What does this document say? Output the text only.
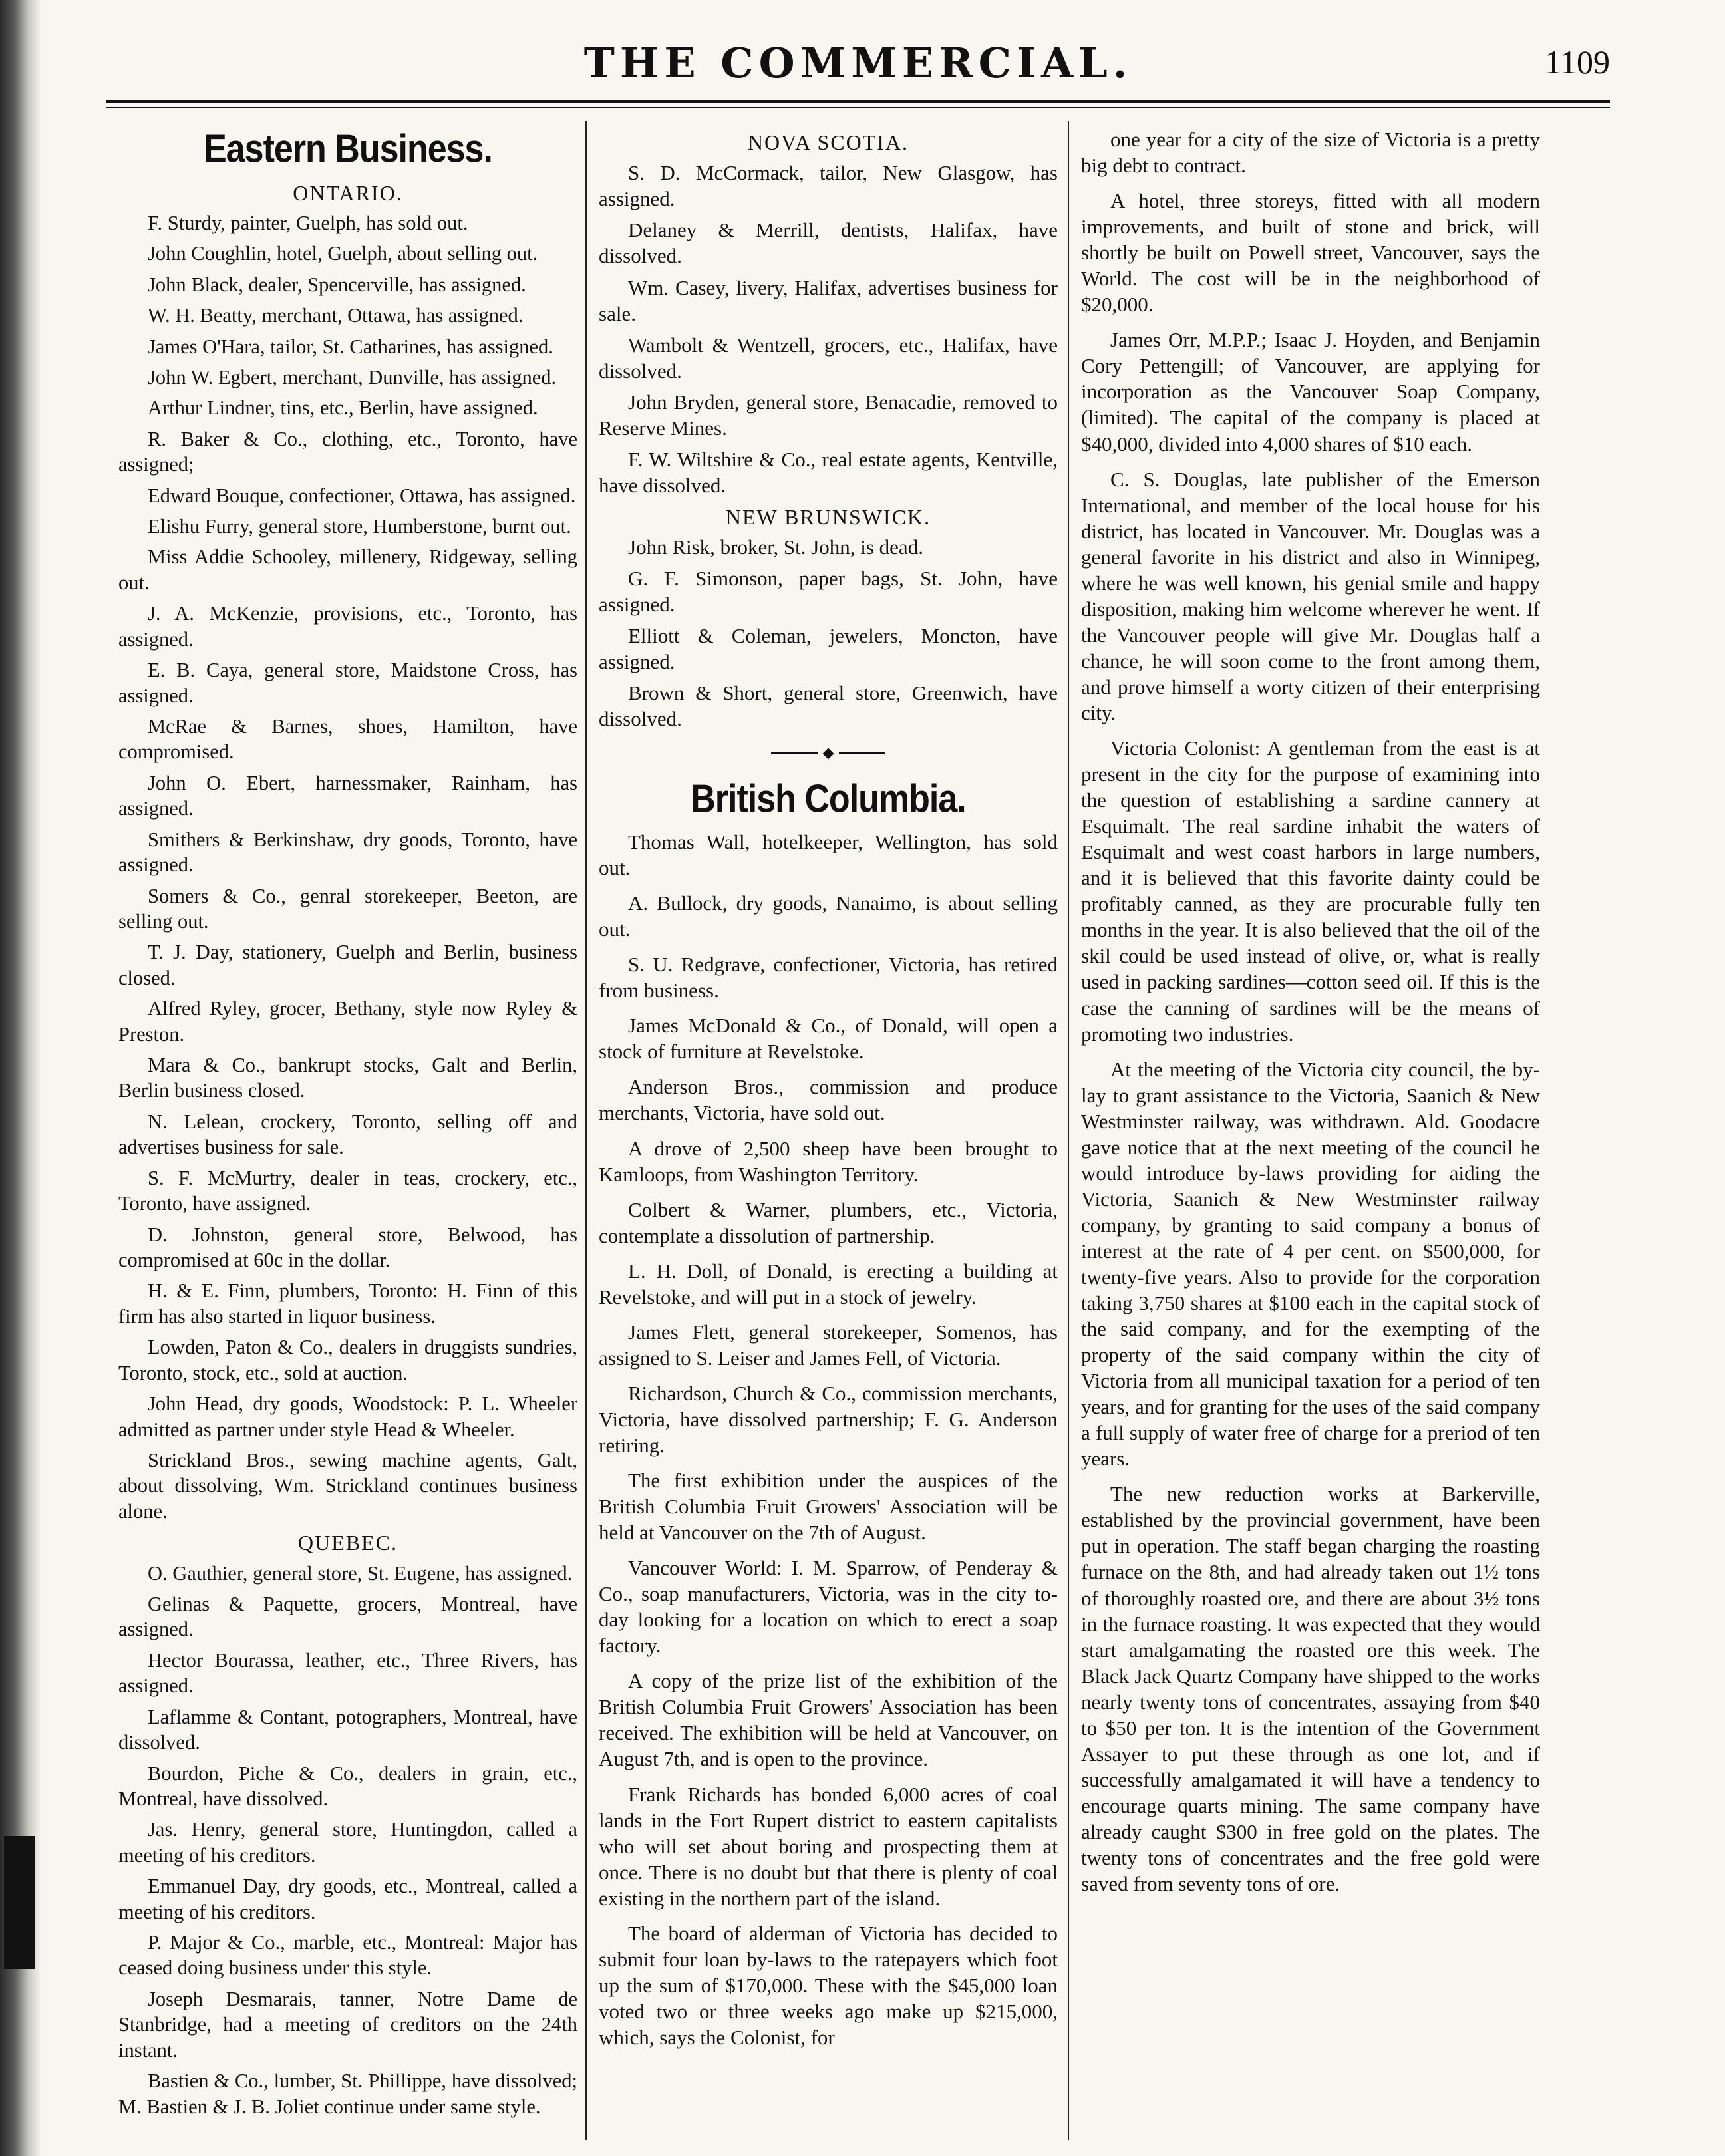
THE COMMERCIAL.	1109
Eastern Business.
ONTARIO.

F. Sturdy, painter, Guelph, has sold out.

John Coughlin, hotel, Guelph, about selling out.

John Black, dealer, Spencerville, has assigned.

W. H. Beatty, merchant, Ottawa, has assigned.

James O'Hara, tailor, St. Catharines, has assigned.

John W. Egbert, merchant, Dunville, has assigned.

Arthur Lindner, tins, etc., Berlin, have assigned.

R. Baker & Co., clothing, etc., Toronto, have assigned;

Edward Bouque, confectioner, Ottawa, has assigned.

Elishu Furry, general store, Humberstone, burnt out.

Miss Addie Schooley, millenery, Ridgeway, selling out.

J. A. McKenzie, provisions, etc., Toronto, has assigned.

E. B. Caya, general store, Maidstone Cross, has assigned.

McRae & Barnes, shoes, Hamilton, have compromised.

John O. Ebert, harnessmaker, Rainham, has assigned.

Smithers & Berkinshaw, dry goods, Toronto, have assigned.

Somers & Co., genral storekeeper, Beeton, are selling out.

T. J. Day, stationery, Guelph and Berlin, business closed.

Alfred Ryley, grocer, Bethany, style now Ryley & Preston.

Mara & Co., bankrupt stocks, Galt and Berlin, Berlin business closed.

N. Lelean, crockery, Toronto, selling off and advertises business for sale.

S. F. McMurtry, dealer in teas, crockery, etc., Toronto, have assigned.

D. Johnston, general store, Belwood, has compromised at 60c in the dollar.

H. & E. Finn, plumbers, Toronto: H. Finn of this firm has also started in liquor business.

Lowden, Paton & Co., dealers in druggists sundries, Toronto, stock, etc., sold at auction.

John Head, dry goods, Woodstock: P. L. Wheeler admitted as partner under style Head & Wheeler.

Strickland Bros., sewing machine agents, Galt, about dissolving, Wm. Strickland continues business alone.

QUEBEC.

O. Gauthier, general store, St. Eugene, has assigned.

Gelinas & Paquette, grocers, Montreal, have assigned.

Hector Bourassa, leather, etc., Three Rivers, has assigned.

Laflamme & Contant, potographers, Montreal, have dissolved.

Bourdon, Piche & Co., dealers in grain, etc., Montreal, have dissolved.

Jas. Henry, general store, Huntingdon, called a meeting of his creditors.

Emmanuel Day, dry goods, etc., Montreal, called a meeting of his creditors.

P. Major & Co., marble, etc., Montreal: Major has ceased doing business under this style.

Joseph Desmarais, tanner, Notre Dame de Stanbridge, had a meeting of creditors on the 24th instant.

Bastien & Co., lumber, St. Phillippe, have dissolved; M. Bastien & J. B. Joliet continue under same style.

NOVA SCOTIA.

S. D. McCormack, tailor, New Glasgow, has assigned.

Delaney & Merrill, dentists, Halifax, have dissolved.

Wm. Casey, livery, Halifax, advertises business for sale.

Wambolt & Wentzell, grocers, etc., Halifax, have dissolved.

John Bryden, general store, Benacadie, removed to Reserve Mines.

F. W. Wiltshire & Co., real estate agents, Kentville, have dissolved.

NEW BRUNSWICK.

John Risk, broker, St. John, is dead.

G. F. Simonson, paper bags, St. John, have assigned.

Elliott & Coleman, jewelers, Moncton, have assigned.

Brown & Short, general store, Greenwich, have dissolved.

British Columbia.

Thomas Wall, hotelkeeper, Wellington, has sold out.

A. Bullock, dry goods, Nanaimo, is about selling out.

S. U. Redgrave, confectioner, Victoria, has retired from business.

James McDonald & Co., of Donald, will open a stock of furniture at Revelstoke.

Anderson Bros., commission and produce merchants, Victoria, have sold out.

A drove of 2,500 sheep have been brought to Kamloops, from Washington Territory.

Colbert & Warner, plumbers, etc., Victoria, contemplate a dissolution of partnership.

L. H. Doll, of Donald, is erecting a building at Revelstoke, and will put in a stock of jewelry.

James Flett, general storekeeper, Somenos, has assigned to S. Leiser and James Fell, of Victoria.

Richardson, Church & Co., commission merchants, Victoria, have dissolved partnership; F. G. Anderson retiring.

The first exhibition under the auspices of the British Columbia Fruit Growers' Association will be held at Vancouver on the 7th of August.

Vancouver World: I. M. Sparrow, of Penderay & Co., soap manufacturers, Victoria, was in the city to-day looking for a location on which to erect a soap factory.

A copy of the prize list of the exhibition of the British Columbia Fruit Growers' Association has been received. The exhibition will be held at Vancouver, on August 7th, and is open to the province.

Frank Richards has bonded 6,000 acres of coal lands in the Fort Rupert district to eastern capitalists who will set about boring and prospecting them at once. There is no doubt but that there is plenty of coal existing in the northern part of the island.

The board of alderman of Victoria has decided to submit four loan by-laws to the ratepayers which foot up the sum of $170,000. These with the $45,000 loan voted two or three weeks ago make up $215,000, which, says the Colonist, for

one year for a city of the size of Victoria is a pretty big debt to contract.

A hotel, three storeys, fitted with all modern improvements, and built of stone and brick, will shortly be built on Powell street, Vancouver, says the World. The cost will be in the neighborhood of $20,000.

James Orr, M.P.P.; Isaac J. Hoyden, and Benjamin Cory Pettengill; of Vancouver, are applying for incorporation as the Vancouver Soap Company, (limited). The capital of the company is placed at $40,000, divided into 4,000 shares of $10 each.

C. S. Douglas, late publisher of the Emerson International, and member of the local house for his district, has located in Vancouver. Mr. Douglas was a general favorite in his district and also in Winnipeg, where he was well known, his genial smile and happy disposition, making him welcome wherever he went. If the Vancouver people will give Mr. Douglas half a chance, he will soon come to the front among them, and prove himself a worty citizen of their enterprising city.

Victoria Colonist: A gentleman from the east is at present in the city for the purpose of examining into the question of establishing a sardine cannery at Esquimalt. The real sardine inhabit the waters of Esquimalt and west coast harbors in large numbers, and it is believed that this favorite dainty could be profitably canned, as they are procurable fully ten months in the year. It is also believed that the oil of the skil could be used instead of olive, or, what is really used in packing sardines—cotton seed oil. If this is the case the canning of sardines will be the means of promoting two industries.

At the meeting of the Victoria city council, the by-lay to grant assistance to the Victoria, Saanich & New Westminster railway, was withdrawn. Ald. Goodacre gave notice that at the next meeting of the council he would introduce by-laws providing for aiding the Victoria, Saanich & New Westminster railway company, by granting to said company a bonus of interest at the rate of 4 per cent. on $500,000, for twenty-five years. Also to provide for the corporation taking 3,750 shares at $100 each in the capital stock of the said company, and for the exempting of the property of the said company within the city of Victoria from all municipal taxation for a period of ten years, and for granting for the uses of the said company a full supply of water free of charge for a preriod of ten years.

The new reduction works at Barkerville, established by the provincial government, have been put in operation. The staff began charging the roasting furnace on the 8th, and had already taken out 1½ tons of thoroughly roasted ore, and there are about 3½ tons in the furnace roasting. It was expected that they would start amalgamating the roasted ore this week. The Black Jack Quartz Company have shipped to the works nearly twenty tons of concentrates, assaying from $40 to $50 per ton. It is the intention of the Government Assayer to put these through as one lot, and if successfully amalgamated it will have a tendency to encourage quarts mining. The same company have already caught $300 in free gold on the plates. The twenty tons of concentrates and the free gold were saved from seventy tons of ore.
